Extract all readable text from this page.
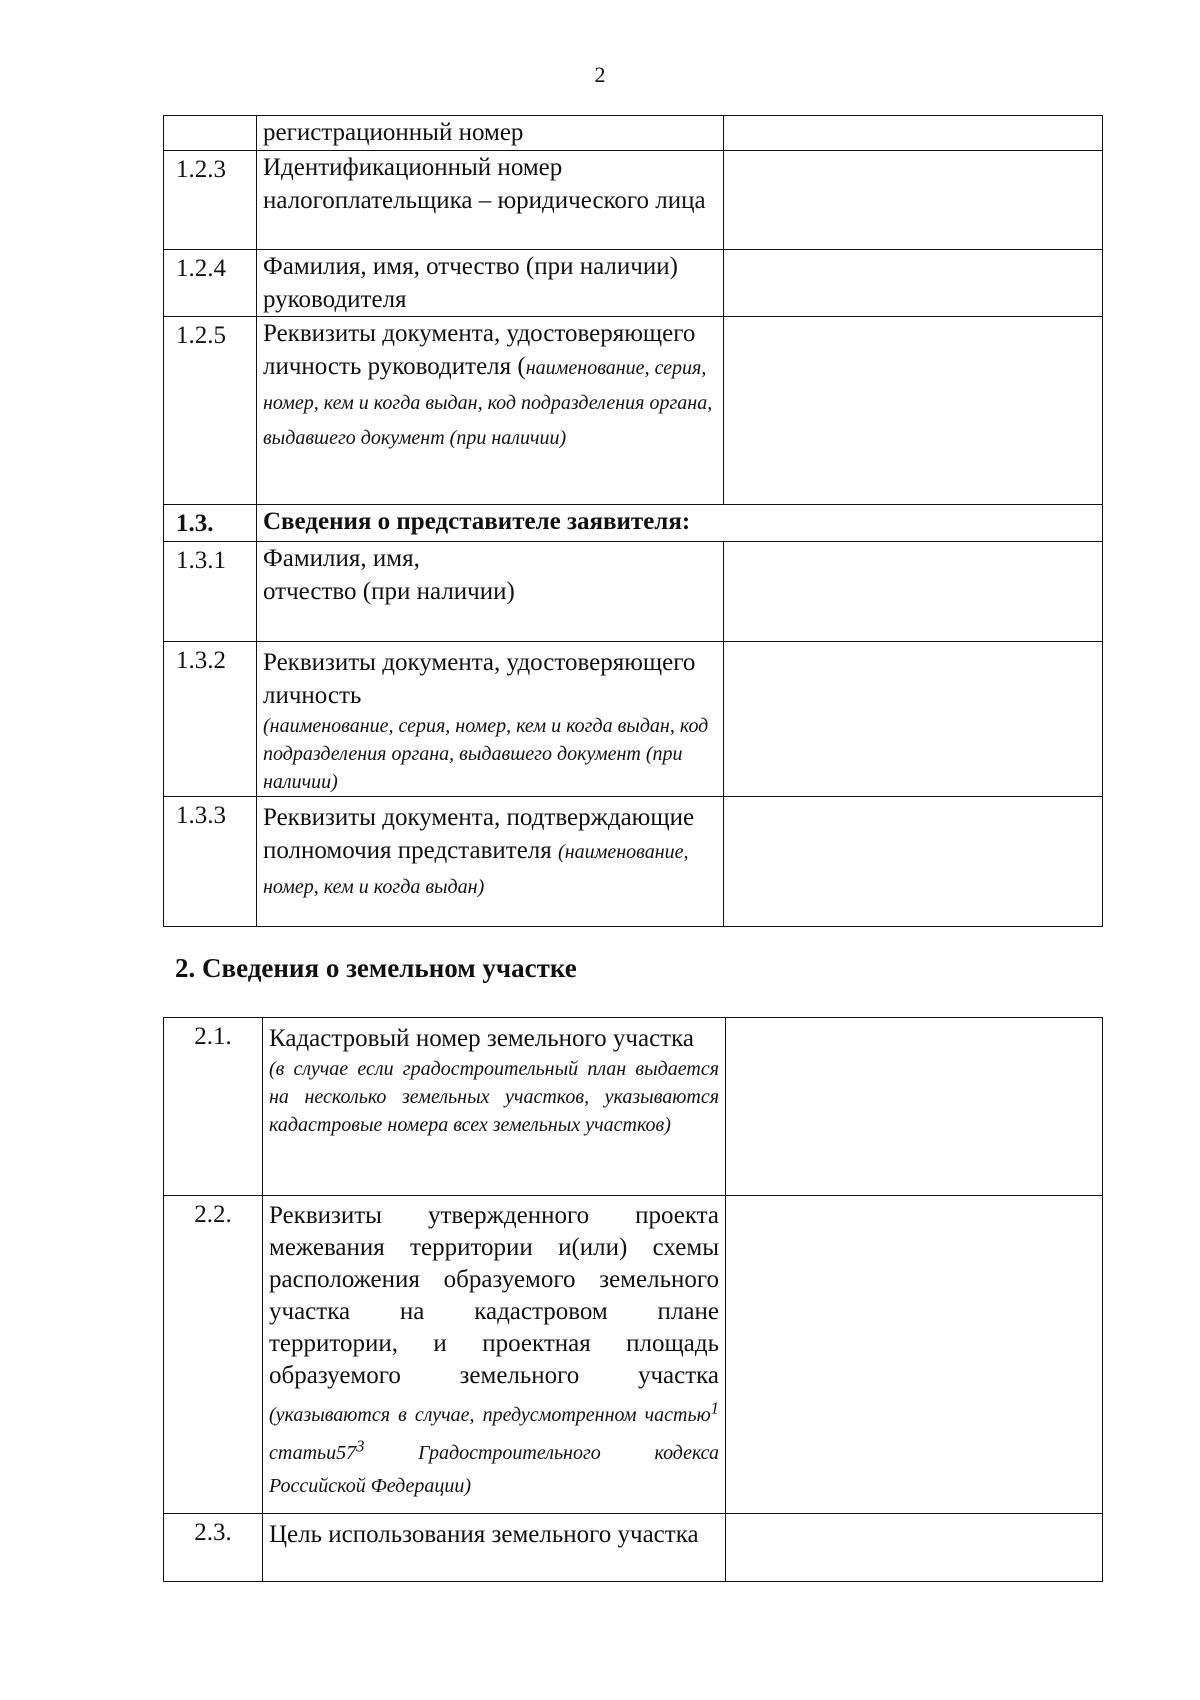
2

	регистрационный номер	

1.2.3	Идентификационный номер налогоплательщика – юридического лица	

1.2.4	Фамилия, имя, отчество (при наличии) руководителя	

1.2.5	Реквизиты документа, удостоверяющего личность руководителя (наименование, серия, номер, кем и когда выдан, код подразделения органа, выдавшего документ (при наличии)	

1.3.	Сведения о представителе заявителя:	

1.3.1	Фамилия, имя,
отчество (при наличии)	

1.3.2	Реквизиты документа, удостоверяющего личность
(наименование, серия, номер, кем и когда выдан, код подразделения органа, выдавшего документ (при наличии)	

1.3.3	Реквизиты документа, подтверждающие полномочия представителя (наименование, номер, кем и когда выдан)	

2. Сведения о земельном участке
2.1.	Кадастровый номер земельного участка
(в случае если градостроительный план выдается на несколько земельных участков, указываются кадастровые номера всех земельных участков)	

2.2.	Реквизиты утвержденного проекта межевания территории и(или) схемы расположения образуемого земельного участка на кадастровом плане территории, и проектная площадь образуемого земельного участка (указываются в случае, предусмотренном частью$^1$ $статьи57^3$ Градостроительного кодекса Российской Федерации)	

2.3.	Цель использования земельного участка	
